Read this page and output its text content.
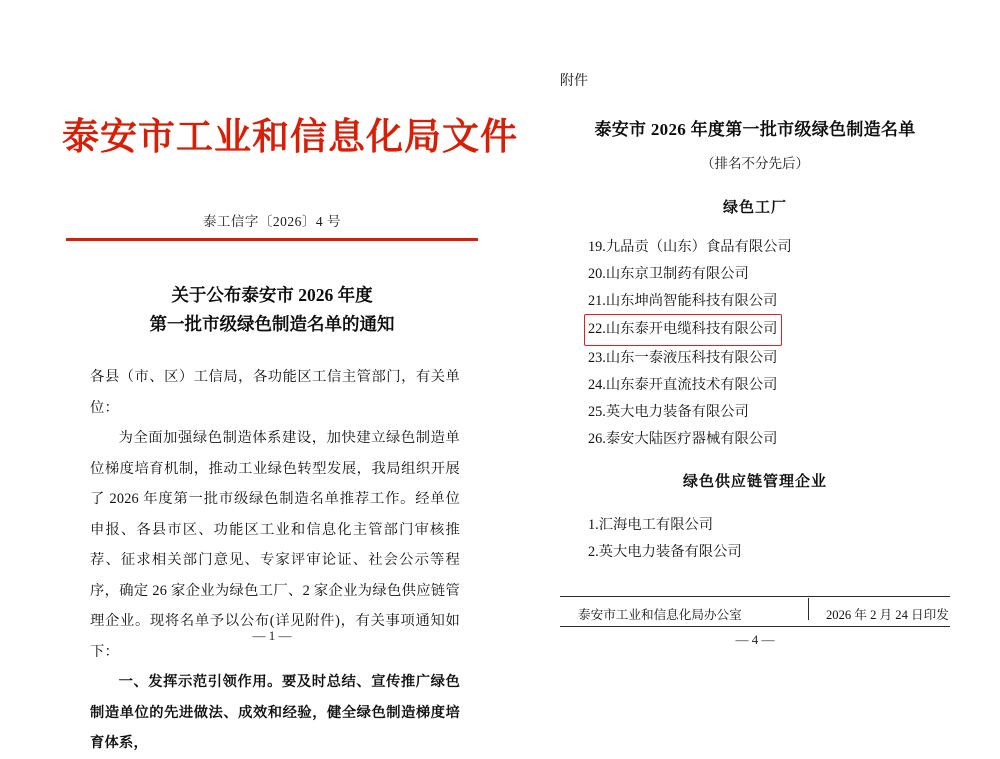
泰安市工业和信息化局文件
泰工信字〔2026〕4 号
关于公布泰安市 2026 年度
第一批市级绿色制造名单的通知

各县（市、区）工信局，各功能区工信主管部门，有关单位：

为全面加强绿色制造体系建设，加快建立绿色制造单位梯度培育机制，推动工业绿色转型发展，我局组织开展了 2026 年度第一批市级绿色制造名单推荐工作。经单位申报、各县市区、功能区工业和信息化主管部门审核推荐、征求相关部门意见、专家评审论证、社会公示等程序，确定 26 家企业为绿色工厂、2 家企业为绿色供应链管理企业。现将名单予以公布(详见附件)，有关事项通知如下：

一、发挥示范引领作用。要及时总结、宣传推广绿色制造单位的先进做法、成效和经验，健全绿色制造梯度培育体系，

— 1 —
附件
泰安市 2026 年度第一批市级绿色制造名单
（排名不分先后）
绿色工厂
19.九品贡（山东）食品有限公司
20.山东京卫制药有限公司
21.山东坤尚智能科技有限公司
22.山东泰开电缆科技有限公司
23.山东一泰液压科技有限公司
24.山东泰开直流技术有限公司
25.英大电力装备有限公司
26.泰安大陆医疗器械有限公司
绿色供应链管理企业
1.汇海电工有限公司
2.英大电力装备有限公司
泰安市工业和信息化局办公室	2026 年 2 月 24 日印发
— 4 —
